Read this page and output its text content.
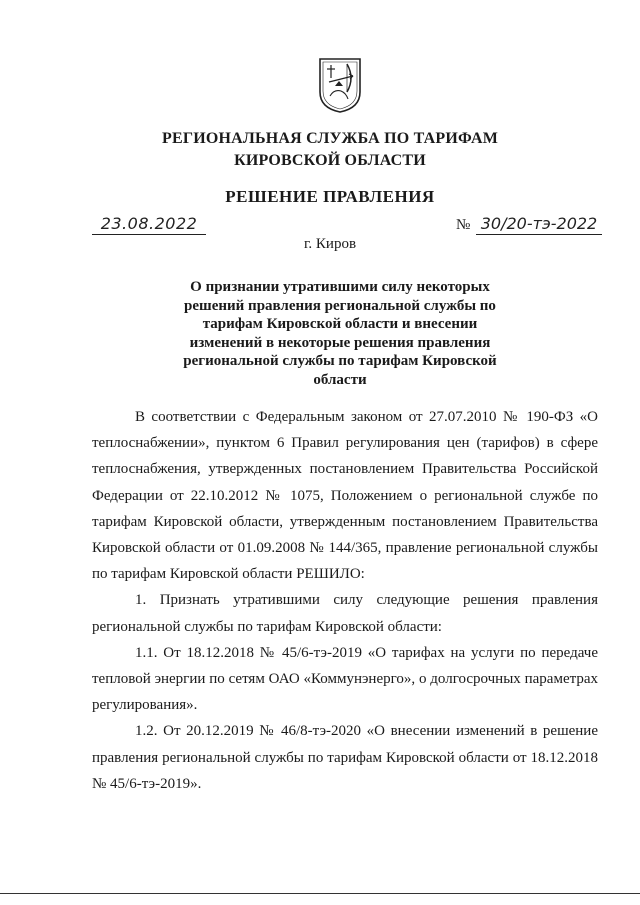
РЕГИОНАЛЬНАЯ СЛУЖБА ПО ТАРИФАМ
КИРОВСКОЙ ОБЛАСТИ
РЕШЕНИЕ ПРАВЛЕНИЯ
23.08.2022	№ 30/20-тэ-2022
г. Киров
О признании утратившими силу некоторых решений правления региональной службы по тарифам Кировской области и внесении изменений в некоторые решения правления региональной службы по тарифам Кировской области

В соответствии с Федеральным законом от 27.07.2010 № 190-ФЗ «О теплоснабжении», пунктом 6 Правил регулирования цен (тарифов) в сфере теплоснабжения, утвержденных постановлением Правительства Российской Федерации от 22.10.2012 № 1075, Положением о региональной службе по тарифам Кировской области, утвержденным постановлением Правительства Кировской области от 01.09.2008 № 144/365, правление региональной службы по тарифам Кировской области РЕШИЛО:

1. Признать утратившими силу следующие решения правления региональной службы по тарифам Кировской области:

1.1. От 18.12.2018 № 45/6-тэ-2019 «О тарифах на услуги по передаче тепловой энергии по сетям ОАО «Коммунэнерго», о долгосрочных параметрах регулирования».

1.2. От 20.12.2019 № 46/8-тэ-2020 «О внесении изменений в решение правления региональной службы по тарифам Кировской области от 18.12.2018 № 45/6-тэ-2019».
